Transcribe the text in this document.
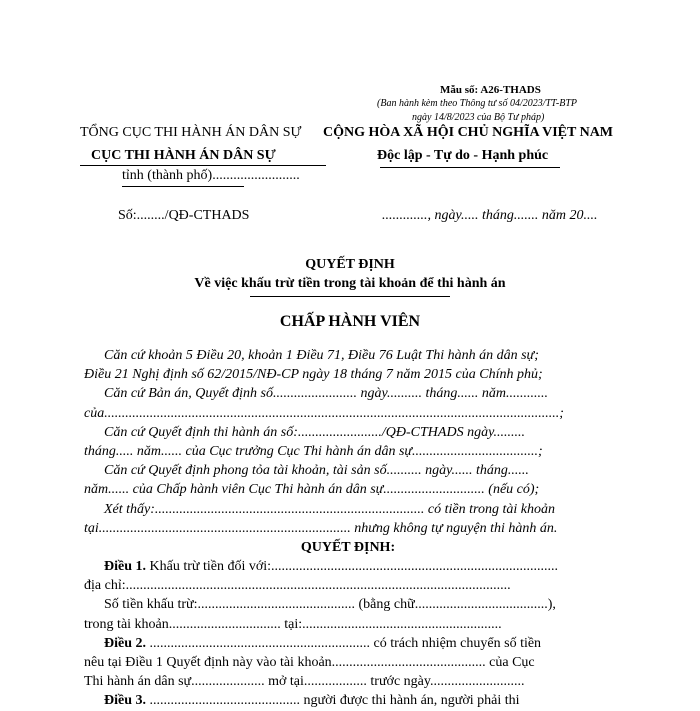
Mẫu số: A26-THADS
(Ban hành kèm theo Thông tư số 04/2023/TT-BTP
ngày 14/8/2023 của Bộ Tư pháp)
TỔNG CỤC THI HÀNH ÁN DÂN SỰ
CỤC THI HÀNH ÁN DÂN SỰ
tỉnh (thành phố).........................
CỘNG HÒA XÃ HỘI CHỦ NGHĨA VIỆT NAM
Độc lập - Tự do - Hạnh phúc
Số:......../QĐ-CTHADS	............., ngày..... tháng....... năm 20....
QUYẾT ĐỊNH
Về việc khấu trừ tiền trong tài khoản để thi hành án
CHẤP HÀNH VIÊN
Căn cứ khoản 5 Điều 20, khoản 1 Điều 71, Điều 76 Luật Thi hành án dân sự;
Điều 21 Nghị định số 62/2015/NĐ-CP ngày 18 tháng 7 năm 2015 của Chính phủ;
Căn cứ Bản án, Quyết định số........................ ngày.......... tháng...... năm............
của..................................................................................................................................;
Căn cứ Quyết định thi hành án số:......................../QĐ-CTHADS ngày.........
tháng..... năm...... của Cục trưởng Cục Thi hành án dân sự....................................;
Căn cứ Quyết định phong tỏa tài khoản, tài sản số.......... ngày...... tháng......
năm...... của Chấp hành viên Cục Thi hành án dân sự............................. (nếu có);
Xét thấy:............................................................................. có tiền trong tài khoản
tại........................................................................ nhưng không tự nguyện thi hành án.
QUYẾT ĐỊNH:
Điều 1. Khấu trừ tiền đối với:..................................................................................
địa chỉ:..............................................................................................................
Số tiền khấu trừ:............................................. (bằng chữ......................................),
trong tài khoản................................ tại:.........................................................
Điều 2. ............................................................... có trách nhiệm chuyển số tiền
nêu tại Điều 1 Quyết định này vào tài khoản............................................ của Cục
Thi hành án dân sự..................... mở tại.................. trước ngày...........................
Điều 3. ........................................... người được thi hành án, người phải thi
